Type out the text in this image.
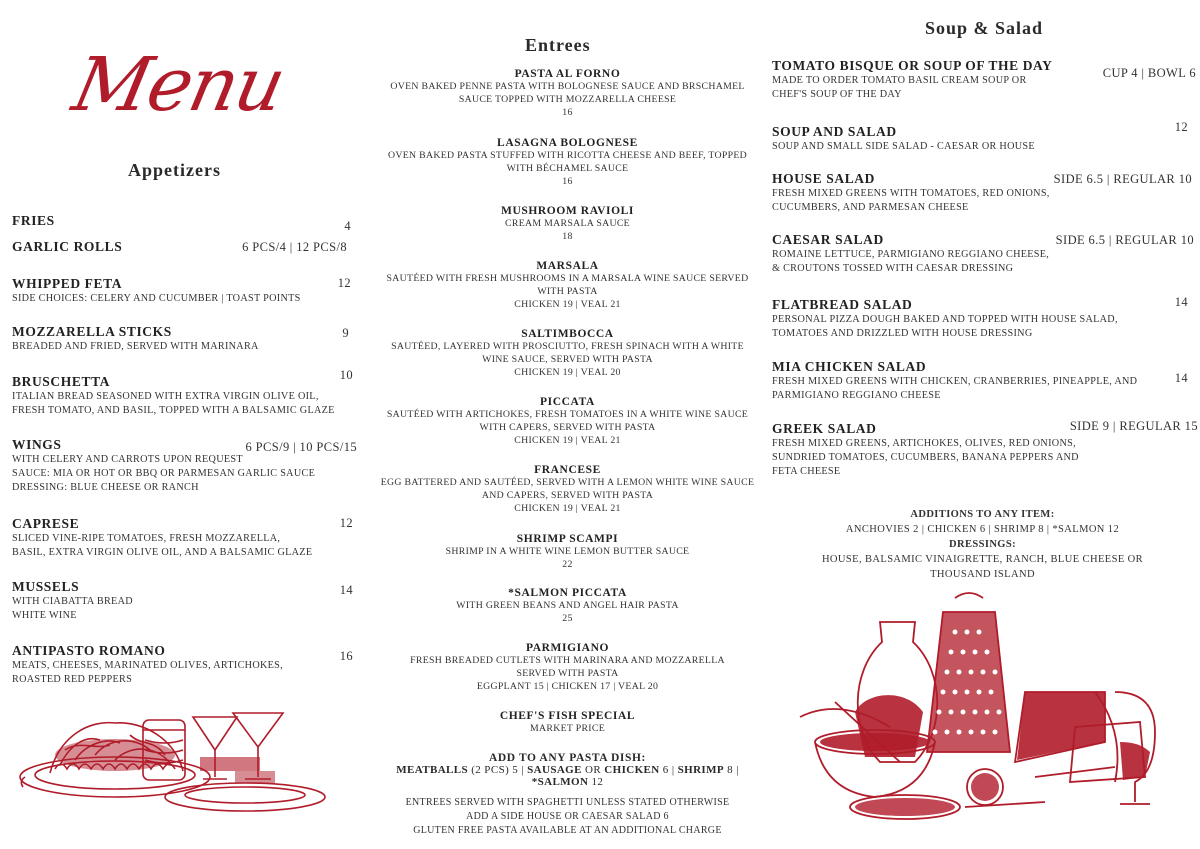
Menu
Appetizers
FRIES	4
GARLIC ROLLS	6 PCS/4 | 12 PCS/8
WHIPPED FETA
SIDE CHOICES: CELERY AND CUCUMBER | TOAST POINTS
12
MOZZARELLA STICKS
BREADED AND FRIED, SERVED WITH MARINARA
9
BRUSCHETTA
ITALIAN BREAD SEASONED WITH EXTRA VIRGIN OLIVE OIL,
FRESH TOMATO, AND BASIL, TOPPED WITH A BALSAMIC GLAZE
10
WINGS
WITH CELERY AND CARROTS UPON REQUEST
SAUCE: MIA OR HOT OR BBQ OR PARMESAN GARLIC SAUCE
DRESSING: BLUE CHEESE OR RANCH
6 PCS/9 | 10 PCS/15
CAPRESE
SLICED VINE-RIPE TOMATOES, FRESH MOZZARELLA,
BASIL, EXTRA VIRGIN OLIVE OIL, AND A BALSAMIC GLAZE
12
MUSSELS
WITH CIABATTA BREAD
WHITE WINE
14
ANTIPASTO ROMANO
MEATS, CHEESES, MARINATED OLIVES, ARTICHOKES,
ROASTED RED PEPPERS
16
Entrees
PASTA AL FORNO
OVEN BAKED PENNE PASTA WITH BOLOGNESE SAUCE AND BRSCHAMEL SAUCE TOPPED WITH MOZZARELLA CHEESE
16
LASAGNA BOLOGNESE
OVEN BAKED PASTA STUFFED WITH RICOTTA CHEESE AND BEEF, TOPPED WITH BÉCHAMEL SAUCE
16
MUSHROOM RAVIOLI
CREAM MARSALA SAUCE
18
MARSALA
SAUTÉED WITH FRESH MUSHROOMS IN A MARSALA WINE SAUCE SERVED WITH PASTA
CHICKEN 19 | VEAL 21
SALTIMBOCCA
SAUTÉED, LAYERED WITH PROSCIUTTO, FRESH SPINACH WITH A WHITE WINE SAUCE, SERVED WITH PASTA
CHICKEN 19 | VEAL 20
PICCATA
SAUTÉED WITH ARTICHOKES, FRESH TOMATOES IN A WHITE WINE SAUCE WITH CAPERS, SERVED WITH PASTA
CHICKEN 19 | VEAL 21
FRANCESE
EGG BATTERED AND SAUTÉED, SERVED WITH A LEMON WHITE WINE SAUCE AND CAPERS, SERVED WITH PASTA
CHICKEN 19 | VEAL 21
SHRIMP SCAMPI
SHRIMP IN A WHITE WINE LEMON BUTTER SAUCE
22
*SALMON PICCATA
WITH GREEN BEANS AND ANGEL HAIR PASTA
25
PARMIGIANO
FRESH BREADED CUTLETS WITH MARINARA AND MOZZARELLA SERVED WITH PASTA
EGGPLANT 15 | CHICKEN 17 | VEAL 20
CHEF'S FISH SPECIAL
MARKET PRICE
ADD TO ANY PASTA DISH:
MEATBALLS (2 PCS) 5 | SAUSAGE OR CHICKEN 6 | SHRIMP 8 | *SALMON 12
ENTREES SERVED WITH SPAGHETTI UNLESS STATED OTHERWISE
ADD A SIDE HOUSE OR CAESAR SALAD 6
GLUTEN FREE PASTA AVAILABLE AT AN ADDITIONAL CHARGE
Soup & Salad
TOMATO BISQUE OR SOUP OF THE DAY
MADE TO ORDER TOMATO BASIL CREAM SOUP OR
CHEF'S SOUP OF THE DAY
CUP 4 | BOWL 6
SOUP AND SALAD
SOUP AND SMALL SIDE SALAD - CAESAR OR HOUSE
12
HOUSE SALAD
FRESH MIXED GREENS WITH TOMATOES, RED ONIONS,
CUCUMBERS, AND PARMESAN CHEESE
SIDE 6.5 | REGULAR 10
CAESAR SALAD
ROMAINE LETTUCE, PARMIGIANO REGGIANO CHEESE,
& CROUTONS TOSSED WITH CAESAR DRESSING
SIDE 6.5 | REGULAR 10
FLATBREAD SALAD
PERSONAL PIZZA DOUGH BAKED AND TOPPED WITH HOUSE SALAD,
TOMATOES AND DRIZZLED WITH HOUSE DRESSING
14
MIA CHICKEN SALAD
FRESH MIXED GREENS WITH CHICKEN, CRANBERRIES, PINEAPPLE, AND
PARMIGIANO REGGIANO CHEESE
14
GREEK SALAD
FRESH MIXED GREENS, ARTICHOKES, OLIVES, RED ONIONS,
SUNDRIED TOMATOES, CUCUMBERS, BANANA PEPPERS AND
FETA CHEESE
SIDE 9 | REGULAR 15
ADDITIONS TO ANY ITEM:
ANCHOVIES 2 | CHICKEN 6 | SHRIMP 8 | *SALMON 12
DRESSINGS:
HOUSE, BALSAMIC VINAIGRETTE, RANCH, BLUE CHEESE OR THOUSAND ISLAND
